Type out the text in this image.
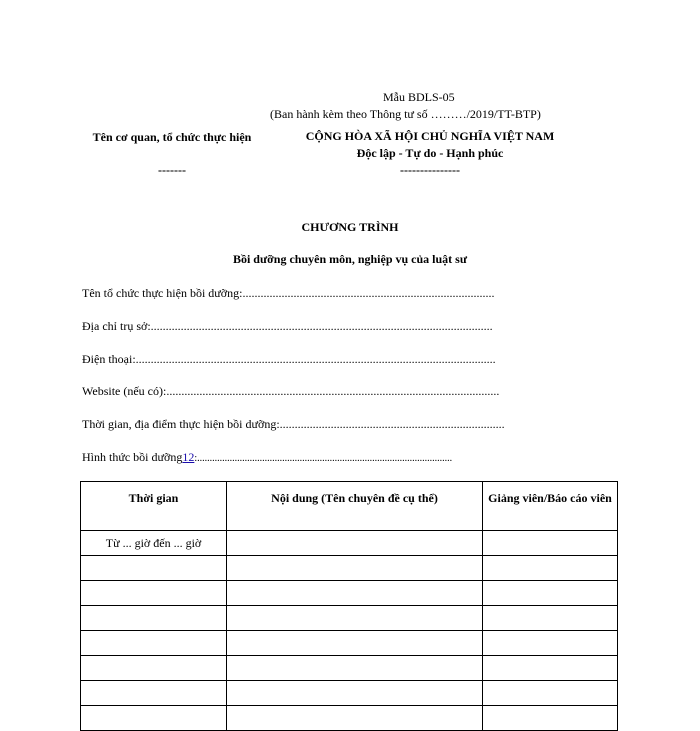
Mẫu BDLS-05
(Ban hành kèm theo Thông tư số ………/2019/TT-BTP)
Tên cơ quan, tổ chức thực hiện
-------
CỘNG HÒA XÃ HỘI CHỦ NGHĨA VIỆT NAM
Độc lập - Tự do - Hạnh phúc
---------------
CHƯƠNG TRÌNH
Bồi dưỡng chuyên môn, nghiệp vụ của luật sư
Tên tổ chức thực hiện bồi dưỡng:....................................................................................
Địa chỉ trụ sở:..................................................................................................................
Điện thoại:........................................................................................................................
Website (nếu có):...............................................................................................................
Thời gian, địa điểm thực hiện bồi dưỡng:...........................................................................
Hình thức bồi dưỡng12:......................................................................................................
Thời gian	Nội dung (Tên chuyên đề cụ thể)	Giảng viên/Báo cáo viên
Từ ... giờ đến ... giờ		
